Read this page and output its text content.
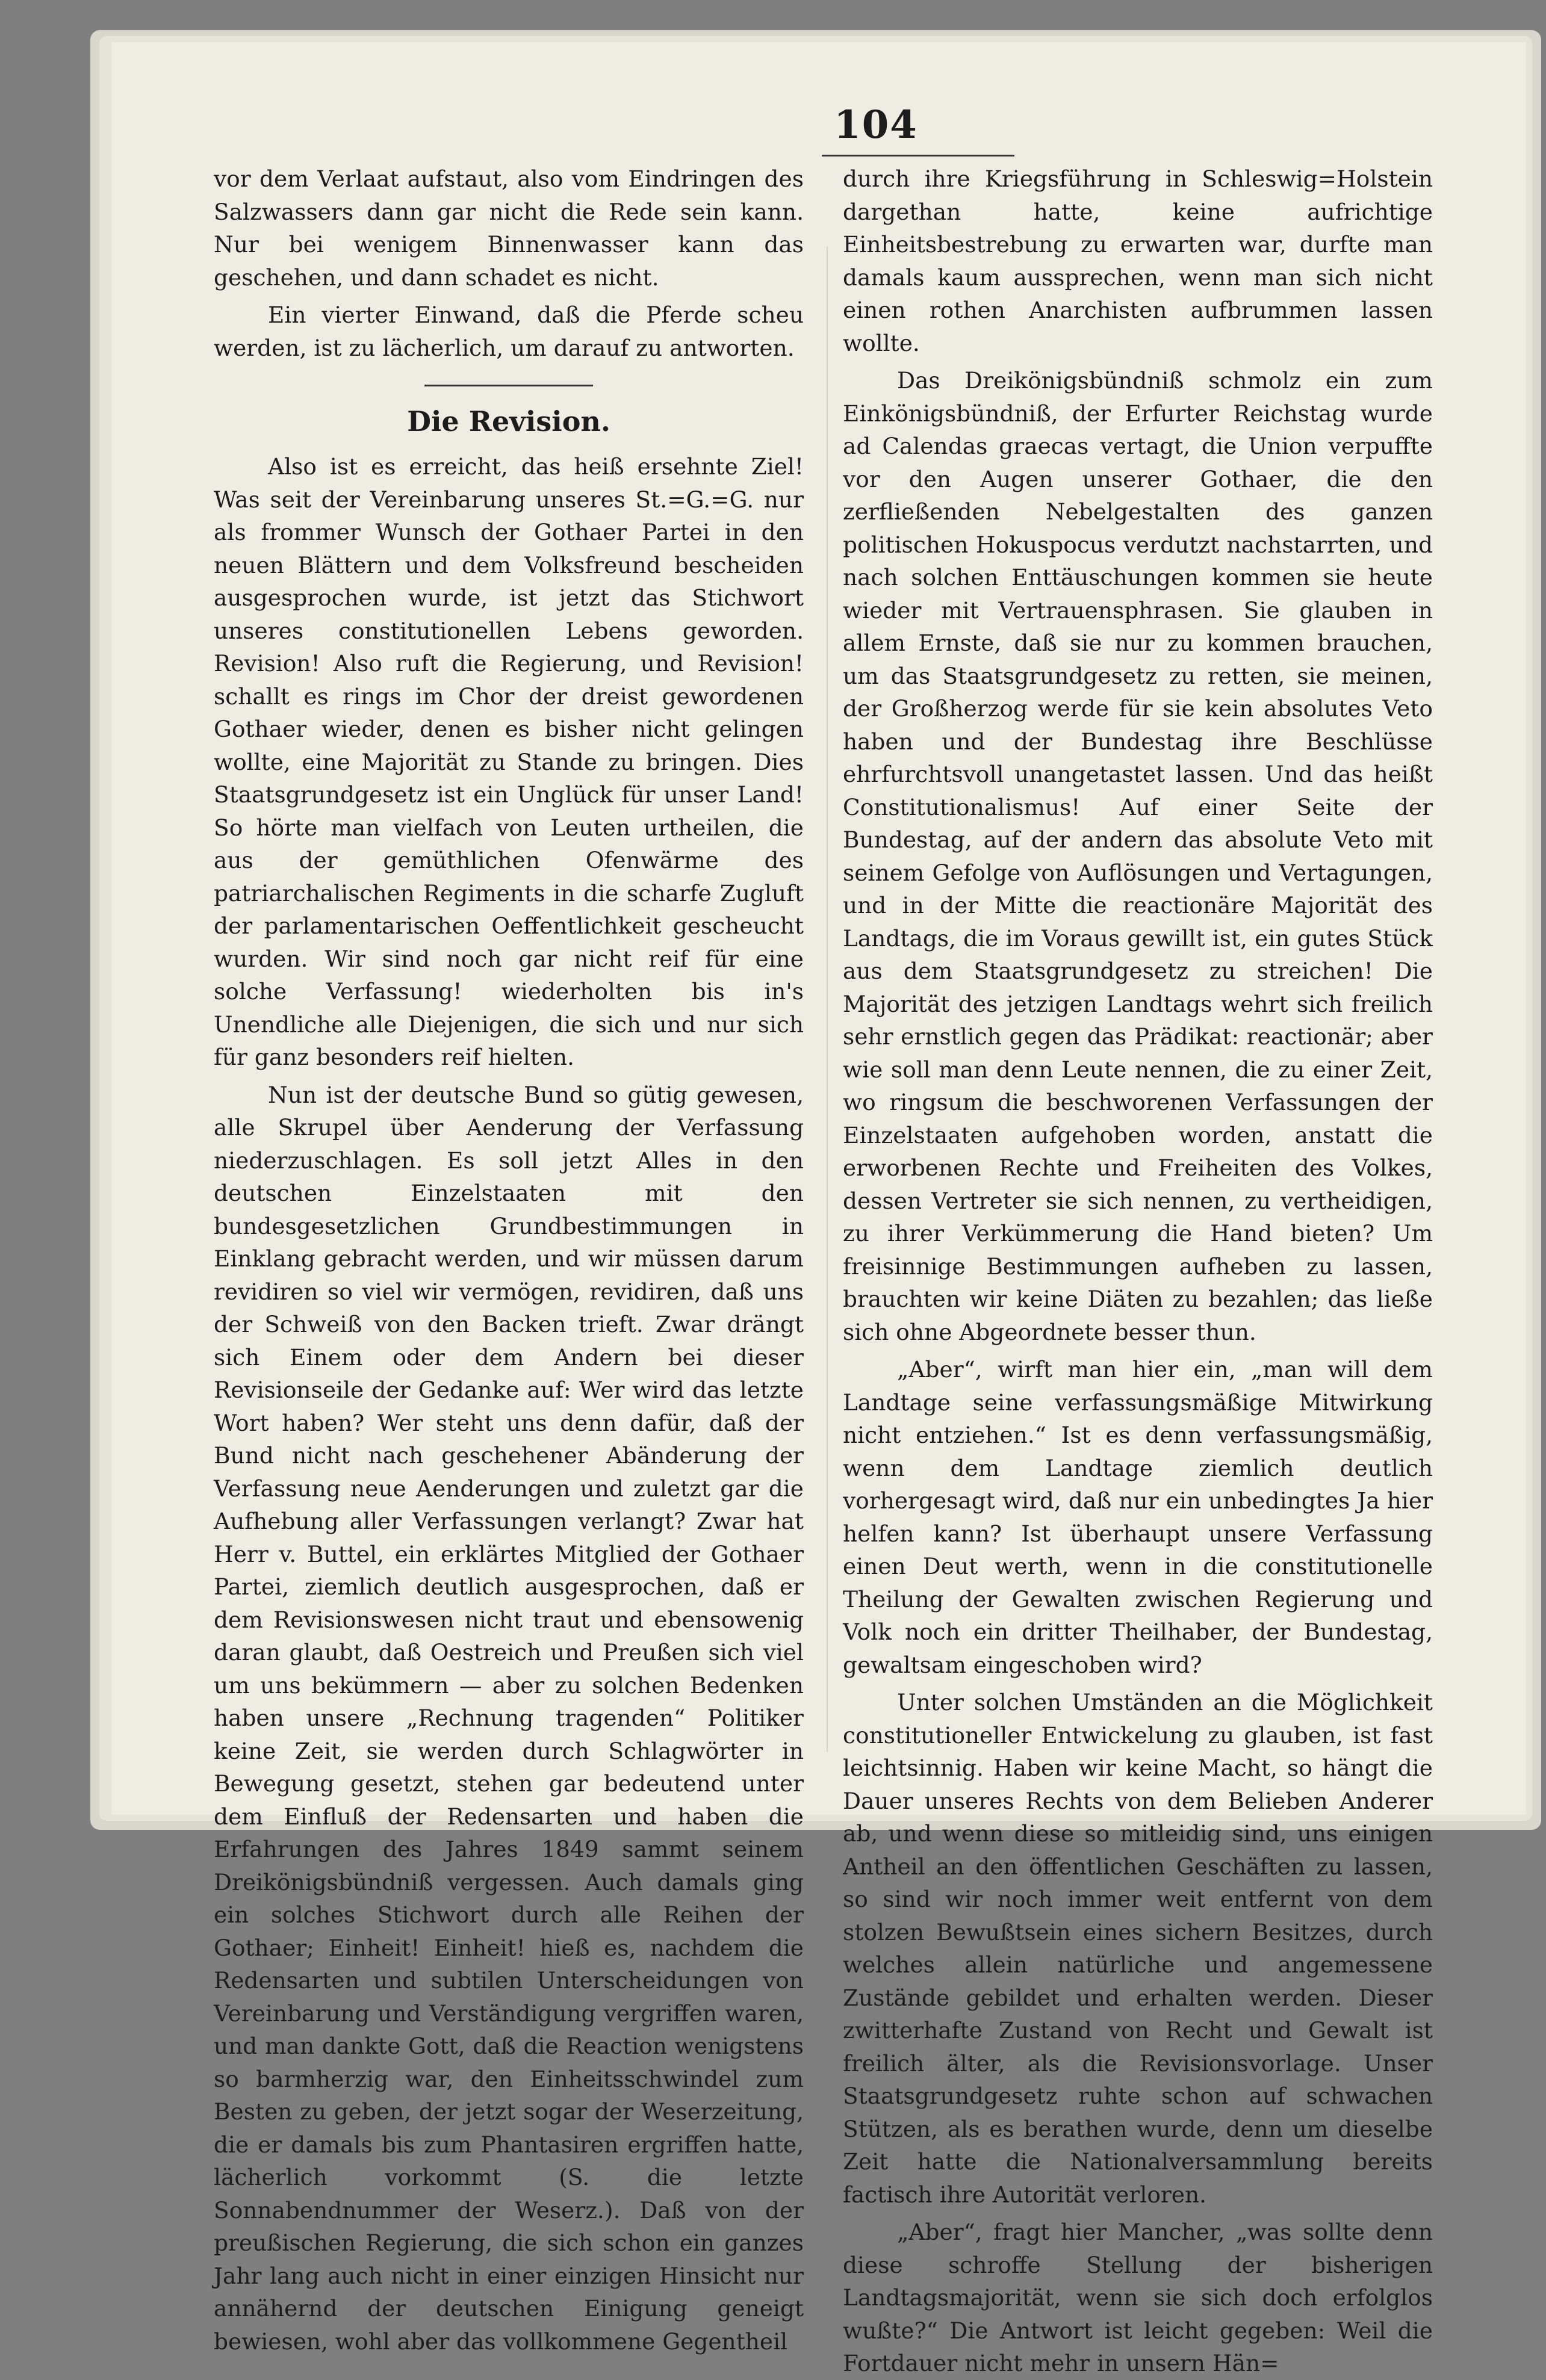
104

vor dem Verlaat aufstaut, also vom Eindringen des Salzwassers dann gar nicht die Rede sein kann. Nur bei wenigem Binnenwasser kann das geschehen, und dann schadet es nicht.

Ein vierter Einwand, daß die Pferde scheu werden, ist zu lächerlich, um darauf zu antworten.

Die Revision.

Also ist es erreicht, das heiß ersehnte Ziel! Was seit der Vereinbarung unseres St.=G.=G. nur als frommer Wunsch der Gothaer Partei in den neuen Blättern und dem Volksfreund bescheiden ausgesprochen wurde, ist jetzt das Stichwort unseres constitutionellen Lebens geworden. Revision! Also ruft die Regierung, und Revision! schallt es rings im Chor der dreist gewordenen Gothaer wieder, denen es bisher nicht gelingen wollte, eine Majorität zu Stande zu bringen. Dies Staatsgrundgesetz ist ein Unglück für unser Land! So hörte man vielfach von Leuten urtheilen, die aus der gemüthlichen Ofenwärme des patriarchalischen Regiments in die scharfe Zugluft der parlamentarischen Oeffentlichkeit gescheucht wurden. Wir sind noch gar nicht reif für eine solche Verfassung! wiederholten bis in's Unendliche alle Diejenigen, die sich und nur sich für ganz besonders reif hielten.

Nun ist der deutsche Bund so gütig gewesen, alle Skrupel über Aenderung der Verfassung niederzuschlagen. Es soll jetzt Alles in den deutschen Einzelstaaten mit den bundesgesetzlichen Grundbestimmungen in Einklang gebracht werden, und wir müssen darum revidiren so viel wir vermögen, revidiren, daß uns der Schweiß von den Backen trieft. Zwar drängt sich Einem oder dem Andern bei dieser Revisionseile der Gedanke auf: Wer wird das letzte Wort haben? Wer steht uns denn dafür, daß der Bund nicht nach geschehener Abänderung der Verfassung neue Aenderungen und zuletzt gar die Aufhebung aller Verfassungen verlangt? Zwar hat Herr v. Buttel, ein erklärtes Mitglied der Gothaer Partei, ziemlich deutlich ausgesprochen, daß er dem Revisionswesen nicht traut und ebensowenig daran glaubt, daß Oestreich und Preußen sich viel um uns bekümmern — aber zu solchen Bedenken haben unsere „Rechnung tragenden“ Politiker keine Zeit, sie werden durch Schlagwörter in Bewegung gesetzt, stehen gar bedeutend unter dem Einfluß der Redensarten und haben die Erfahrungen des Jahres 1849 sammt seinem Dreikönigsbündniß vergessen. Auch damals ging ein solches Stichwort durch alle Reihen der Gothaer; Einheit! Einheit! hieß es, nachdem die Redensarten und subtilen Unterscheidungen von Vereinbarung und Verständigung vergriffen waren, und man dankte Gott, daß die Reaction wenigstens so barmherzig war, den Einheitsschwindel zum Besten zu geben, der jetzt sogar der Weserzeitung, die er damals bis zum Phantasiren ergriffen hatte, lächerlich vorkommt (S. die letzte Sonnabendnummer der Weserz.). Daß von der preußischen Regierung, die sich schon ein ganzes Jahr lang auch nicht in einer einzigen Hinsicht nur annähernd der deutschen Einigung geneigt bewiesen, wohl aber das vollkommene Gegentheil

durch ihre Kriegsführung in Schleswig=Holstein dargethan hatte, keine aufrichtige Einheitsbestrebung zu erwarten war, durfte man damals kaum aussprechen, wenn man sich nicht einen rothen Anarchisten aufbrummen lassen wollte.

Das Dreikönigsbündniß schmolz ein zum Einkönigsbündniß, der Erfurter Reichstag wurde ad Calendas graecas vertagt, die Union verpuffte vor den Augen unserer Gothaer, die den zerfließenden Nebelgestalten des ganzen politischen Hokuspocus verdutzt nachstarrten, und nach solchen Enttäuschungen kommen sie heute wieder mit Vertrauensphrasen. Sie glauben in allem Ernste, daß sie nur zu kommen brauchen, um das Staatsgrundgesetz zu retten, sie meinen, der Großherzog werde für sie kein absolutes Veto haben und der Bundestag ihre Beschlüsse ehrfurchtsvoll unangetastet lassen. Und das heißt Constitutionalismus! Auf einer Seite der Bundestag, auf der andern das absolute Veto mit seinem Gefolge von Auflösungen und Vertagungen, und in der Mitte die reactionäre Majorität des Landtags, die im Voraus gewillt ist, ein gutes Stück aus dem Staatsgrundgesetz zu streichen! Die Majorität des jetzigen Landtags wehrt sich freilich sehr ernstlich gegen das Prädikat: reactionär; aber wie soll man denn Leute nennen, die zu einer Zeit, wo ringsum die beschworenen Verfassungen der Einzelstaaten aufgehoben worden, anstatt die erworbenen Rechte und Freiheiten des Volkes, dessen Vertreter sie sich nennen, zu vertheidigen, zu ihrer Verkümmerung die Hand bieten? Um freisinnige Bestimmungen aufheben zu lassen, brauchten wir keine Diäten zu bezahlen; das ließe sich ohne Abgeordnete besser thun.

„Aber“, wirft man hier ein, „man will dem Landtage seine verfassungsmäßige Mitwirkung nicht entziehen.“ Ist es denn verfassungsmäßig, wenn dem Landtage ziemlich deutlich vorhergesagt wird, daß nur ein unbedingtes Ja hier helfen kann? Ist überhaupt unsere Verfassung einen Deut werth, wenn in die constitutionelle Theilung der Gewalten zwischen Regierung und Volk noch ein dritter Theilhaber, der Bundestag, gewaltsam eingeschoben wird?

Unter solchen Umständen an die Möglichkeit constitutioneller Entwickelung zu glauben, ist fast leichtsinnig. Haben wir keine Macht, so hängt die Dauer unseres Rechts von dem Belieben Anderer ab, und wenn diese so mitleidig sind, uns einigen Antheil an den öffentlichen Geschäften zu lassen, so sind wir noch immer weit entfernt von dem stolzen Bewußtsein eines sichern Besitzes, durch welches allein natürliche und angemessene Zustände gebildet und erhalten werden. Dieser zwitterhafte Zustand von Recht und Gewalt ist freilich älter, als die Revisionsvorlage. Unser Staatsgrundgesetz ruhte schon auf schwachen Stützen, als es berathen wurde, denn um dieselbe Zeit hatte die Nationalversammlung bereits factisch ihre Autorität verloren.

„Aber“, fragt hier Mancher, „was sollte denn diese schroffe Stellung der bisherigen Landtagsmajorität, wenn sie sich doch erfolglos wußte?“ Die Antwort ist leicht gegeben: Weil die Fortdauer nicht mehr in unsern Hän=
